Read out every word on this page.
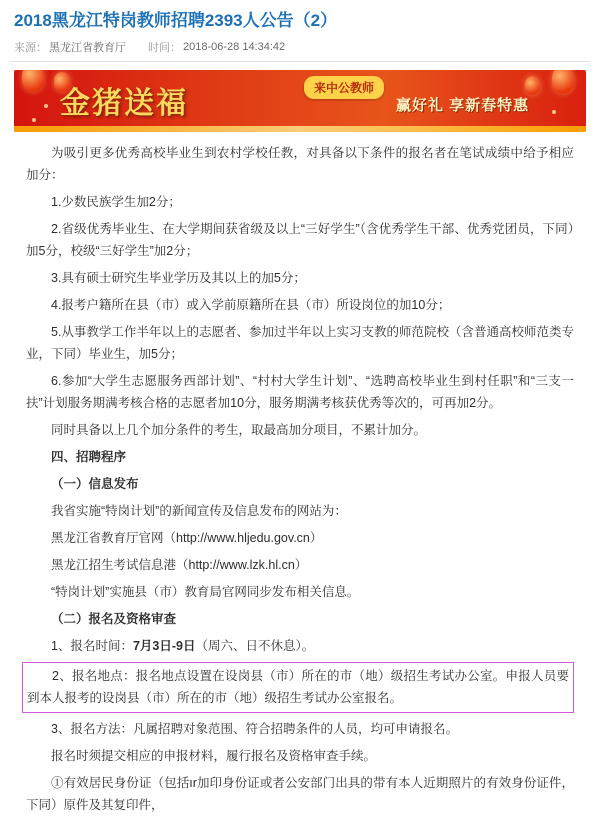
2018黑龙江特岗教师招聘2393人公告（2）
来源： 黑龙江省教育厅 时间： 2018-06-28 14:34:42
金猪送福	来中公教师
赢好礼 享新春特惠

为吸引更多优秀高校毕业生到农村学校任教，对具备以下条件的报名者在笔试成绩中给予相应加分：

1.少数民族学生加2分；

2.省级优秀毕业生、在大学期间获省级及以上“三好学生”（含优秀学生干部、优秀党团员，下同）加5分，校级“三好学生”加2分；

3.具有硕士研究生毕业学历及其以上的加5分；

4.报考户籍所在县（市）或入学前原籍所在县（市）所设岗位的加10分；

5.从事教学工作半年以上的志愿者、参加过半年以上实习支教的师范院校（含普通高校师范类专业，下同）毕业生，加5分；

6.参加“大学生志愿服务西部计划”、“村村大学生计划”、“选聘高校毕业生到村任职”和“三支一扶”计划服务期满考核合格的志愿者加10分，服务期满考核获优秀等次的，可再加2分。

同时具备以上几个加分条件的考生，取最高加分项目，不累计加分。

四、招聘程序

（一）信息发布

我省实施“特岗计划”的新闻宣传及信息发布的网站为：

黑龙江省教育厅官网（http://www.hljedu.gov.cn）

黑龙江招生考试信息港（http://www.lzk.hl.cn）

“特岗计划”实施县（市）教育局官网同步发布相关信息。

（二）报名及资格审查

1、报名时间：7月3日-9日（周六、日不休息）。

2、报名地点：报名地点设置在设岗县（市）所在的市（地）级招生考试办公室。申报人员要到本人报考的设岗县（市）所在的市（地）级招生考试办公室报名。

3、报名方法：凡属招聘对象范围、符合招聘条件的人员，均可申请报名。

报名时须提交相应的申报材料，履行报名及资格审查手续。

①有效居民身份证（包括ır加印身份证或者公安部门出具的带有本人近期照片的有效身份证件，下同）原件及其复印件，
